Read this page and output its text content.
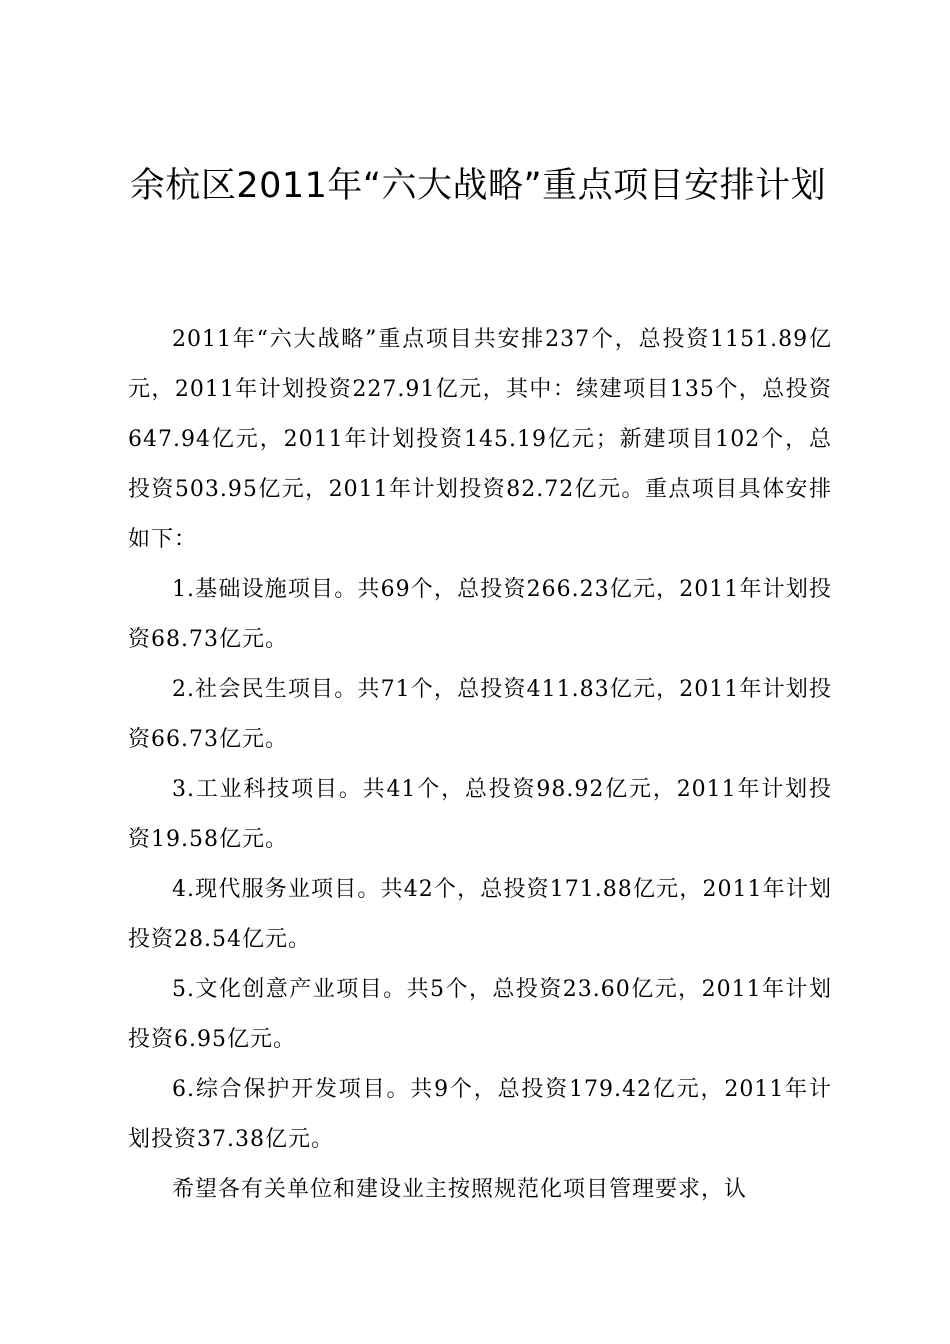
余杭区2011年“六大战略”重点项目安排计划

2011年“六大战略”重点项目共安排237个，总投资1151.89亿元，2011年计划投资227.91亿元，其中：续建项目135个，总投资647.94亿元，2011年计划投资145.19亿元；新建项目102个，总投资503.95亿元，2011年计划投资82.72亿元。重点项目具体安排如下：

1.基础设施项目。共69个，总投资266.23亿元，2011年计划投资68.73亿元。

2.社会民生项目。共71个，总投资411.83亿元，2011年计划投资66.73亿元。

3.工业科技项目。共41个，总投资98.92亿元，2011年计划投资19.58亿元。

4.现代服务业项目。共42个，总投资171.88亿元，2011年计划投资28.54亿元。

5.文化创意产业项目。共5个，总投资23.60亿元，2011年计划投资6.95亿元。

6.综合保护开发项目。共9个，总投资179.42亿元，2011年计划投资37.38亿元。

希望各有关单位和建设业主按照规范化项目管理要求，认
